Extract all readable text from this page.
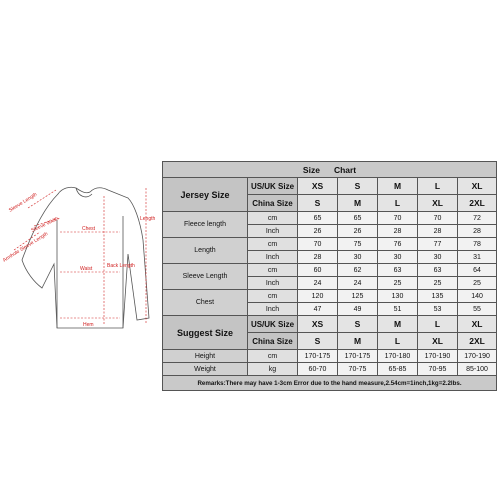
Sleeve Length
Sleeve Width
Armhole Sleeve Length
Chest
Waist	Back Length
Hem
Length
Size Chart						
Jersey Size	US/UK Size	XS	S	M	L	XL
	China Size	S	M	L	XL	2XL
Fleece length	cm	65	65	70	70	72
	Inch	26	26	28	28	28
Length	cm	70	75	76	77	78
	Inch	28	30	30	30	31
Sleeve Length	cm	60	62	63	63	64
	Inch	24	24	25	25	25
Chest	cm	120	125	130	135	140
	Inch	47	49	51	53	55
Suggest Size	US/UK Size	XS	S	M	L	XL
	China Size	S	M	L	XL	2XL
Height	cm	170-175	170-175	170-180	170-190	170-190
Weight	kg	60-70	70-75	65-85	70-95	85-100
Remarks:There may have 1-3cm Error due to the hand measure,2.54cm=1inch,1kg=2.2lbs.						
